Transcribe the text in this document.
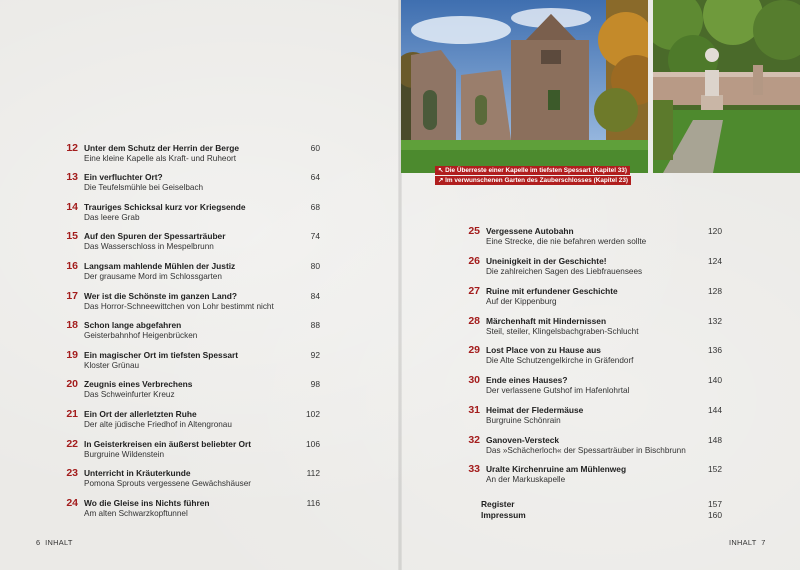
↖ Die Überreste einer Kapelle im tiefsten Spessart (Kapitel 33)
↗ Im verwunschenen Garten des Zauberschlosses (Kapitel 23)
12 Unter dem Schutz der Herrin der Berge
Eine kleine Kapelle als Kraft- und Ruheort
60
13 Ein verfluchter Ort?
Die Teufelsmühle bei Geiselbach
64
14 Trauriges Schicksal kurz vor Kriegsende
Das leere Grab
68
15 Auf den Spuren der Spessarträuber
Das Wasserschloss in Mespelbrunn
74
16 Langsam mahlende Mühlen der Justiz
Der grausame Mord im Schlossgarten
80
17 Wer ist die Schönste im ganzen Land?
Das Horror-Schneewittchen von Lohr bestimmt nicht
84
18 Schon lange abgefahren
Geisterbahnhof Heigenbrücken
88
19 Ein magischer Ort im tiefsten Spessart
Kloster Grünau
92
20 Zeugnis eines Verbrechens
Das Schweinfurter Kreuz
98
21 Ein Ort der allerletzten Ruhe
Der alte jüdische Friedhof in Altengronau
102
22 In Geisterkreisen ein äußerst beliebter Ort
Burgruine Wildenstein
106
23 Unterricht in Kräuterkunde
Pomona Sprouts vergessene Gewächshäuser
112
24 Wo die Gleise ins Nichts führen
Am alten Schwarzkopftunnel
116
25 Vergessene Autobahn
Eine Strecke, die nie befahren werden sollte
120
26 Uneinigkeit in der Geschichte!
Die zahlreichen Sagen des Liebfrauensees
124
27 Ruine mit erfundener Geschichte
Auf der Kippenburg
128
28 Märchenhaft mit Hindernissen
Steil, steiler, Klingelsbachgraben-Schlucht
132
29 Lost Place von zu Hause aus
Die Alte Schutzengelkirche in Gräfendorf
136
30 Ende eines Hauses?
Der verlassene Gutshof im Hafenlohrtal
140
31 Heimat der Fledermäuse
Burgruine Schönrain
144
32 Ganoven-Versteck
Das »Schächerloch« der Spessarträuber in Bischbrunn
148
33 Uralte Kirchenruine am Mühlenweg
An der Markuskapelle
152
Register	157
Impressum	160
6 INHALT	INHALT 7
